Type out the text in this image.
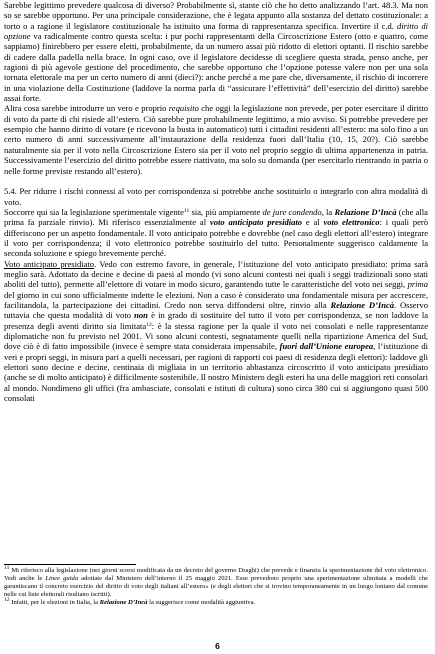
Sarebbe legittimo prevedere qualcosa di diverso? Probabilmente sì, stante ciò che ho detto analizzando l’art. 48.3. Ma non so se sarebbe opportuno. Per una principale considerazione, che è legata appunto alla sostanza del dettato costituzionale: a torto o a ragione il legislatore costituzionale ha istituito una forma di rappresentanza specifica. Invertire il c.d. diritto di opzione va radicalmente contro questa scelta: i pur pochi rappresentanti della Circoscrizione Estero (otto e quattro, come sappiamo) finirebbero per essere eletti, probabilmente, da un numero assai più ridotto di elettori optanti. Il rischio sarebbe di cadere dalla padella nella brace. In ogni caso, ove il legislatore decidesse di scegliere questa strada, penso anche, per ragioni di più agevole gestione del procedimento, che sarebbe opportuno che l’opzione potesse valere non per una sola tornata elettorale ma per un certo numero di anni (dieci?): anche perché a me pare che, diversamente, il rischio di incorrere in una violazione della Costituzione (laddove la norma parla di “assicurare l’effettività” dell’esercizio del diritto) sarebbe assai forte.

Altra cosa sarebbe introdurre un vero e proprio requisito che oggi la legislazione non prevede, per poter esercitare il diritto di voto da parte di chi risiede all’estero. Ciò sarebbe pure probabilmente legittimo, a mio avviso. Si potrebbe prevedere per esempio che hanno diritto di votare (e ricevono la busta in automatico) tutti i cittadini residenti all’estero: ma solo fino a un certo numero di anni successivamente all’instaurazione della residenza fuori dall’Italia (10, 15, 20?). Ciò sarebbe naturalmente sia per il voto nella Circoscrizione Estero sia per il voto nel proprio seggio di ultima appartenenza in patria. Successivamente l’esercizio del diritto potrebbe essere riattivato, ma solo su domanda (per esercitarlo rientrando in patria o nelle forme previste restando all’estero).

5.4. Per ridurre i rischi connessi al voto per corrispondenza si potrebbe anche sostituirlo o integrarlo con altra modalità di voto.

Soccorre qui sia la legislazione sperimentale vigente$^{11}$ sia, più ampiamente de jure condendo, la Relazione D’Incà (che alla prima fa parziale rinvio). Mi riferisco essenzialmente al voto anticipato presidiato e al voto elettronico: i quali però differiscono per un aspetto fondamentale. Il voto anticipato potrebbe e dovrebbe (nel caso degli elettori all’estero) integrare il voto per corrispondenza; il voto elettronico potrebbe sostituirlo del tutto. Personalmente suggerisco caldamente la seconda soluzione e spiego brevemente perché.

Voto anticipato presidiato. Vedo con estremo favore, in generale, l’istituzione del voto anticipato presidiato: prima sarà meglio sarà. Adottato da decine e decine di paesi al mondo (vi sono alcuni contesti nei quali i seggi tradizionali sono stati aboliti del tutto), permette all’elettore di votare in modo sicuro, garantendo tutte le caratteristiche del voto nei seggi, prima del giorno in cui sono ufficialmente indette le elezioni. Non a caso è considerato una fondamentale misura per accrescere, facilitandola, la partecipazione dei cittadini. Credo non serva diffondersi oltre, rinvio alla Relazione D’Incà. Osservo tuttavia che questa modalità di voto non è in grado di sostituire del tutto il voto per corrispondenza, se non laddove la presenza degli aventi diritto sia limitata$^{12}$: è la stessa ragione per la quale il voto nei consolati e nelle rappresentanze diplomatiche non fu previsto nel 2001. Vi sono alcuni contesti, segnatamente quelli nella ripartizione America del Sud, dove ciò è di fatto impossibile (invece è sempre stata considerata impensabile, fuori dall’Unione europea, l’istituzione di veri e propri seggi, in misura pari a quelli necessari, per ragioni di rapporti coi paesi di residenza degli elettori): laddove gli elettori sono decine e decine, centinaia di migliaia in un territorio abbastanza circoscritto il voto anticipato presidiato (anche se di molto anticipato) è difficilmente sostenibile. Il nostro Ministero degli esteri ha una delle maggiori reti consolari al mondo. Nondimeno gli uffici (fra ambasciate, consolati e istituti di cultura) sono circa 380 cui si aggiungono quasi 500 consolati

$^{11}$ Mi riferisco alla legislazione (nei giorni scorsi modificata da un decreto del governo Draghi) che prevede e finanzia la sperimentazione del voto elettronico. Vedi anche le Linee guida adottate dal Ministero dell’interno il 25 maggio 2021. Esse prevedono proprio una sperimentazione ulimitata a modelli che garantiscano il concreto esercizio del diritto di voto degli italiani all’estero» (e degli elettori che si trovino temporaneamente in un luogo lontano dal comune nelle cui liste elettorali risultano iscritti).

$^{12}$ Infatti, per le elezioni in Italia, la Relazione D’Incà la suggerisce come modalità aggiuntiva.

6
